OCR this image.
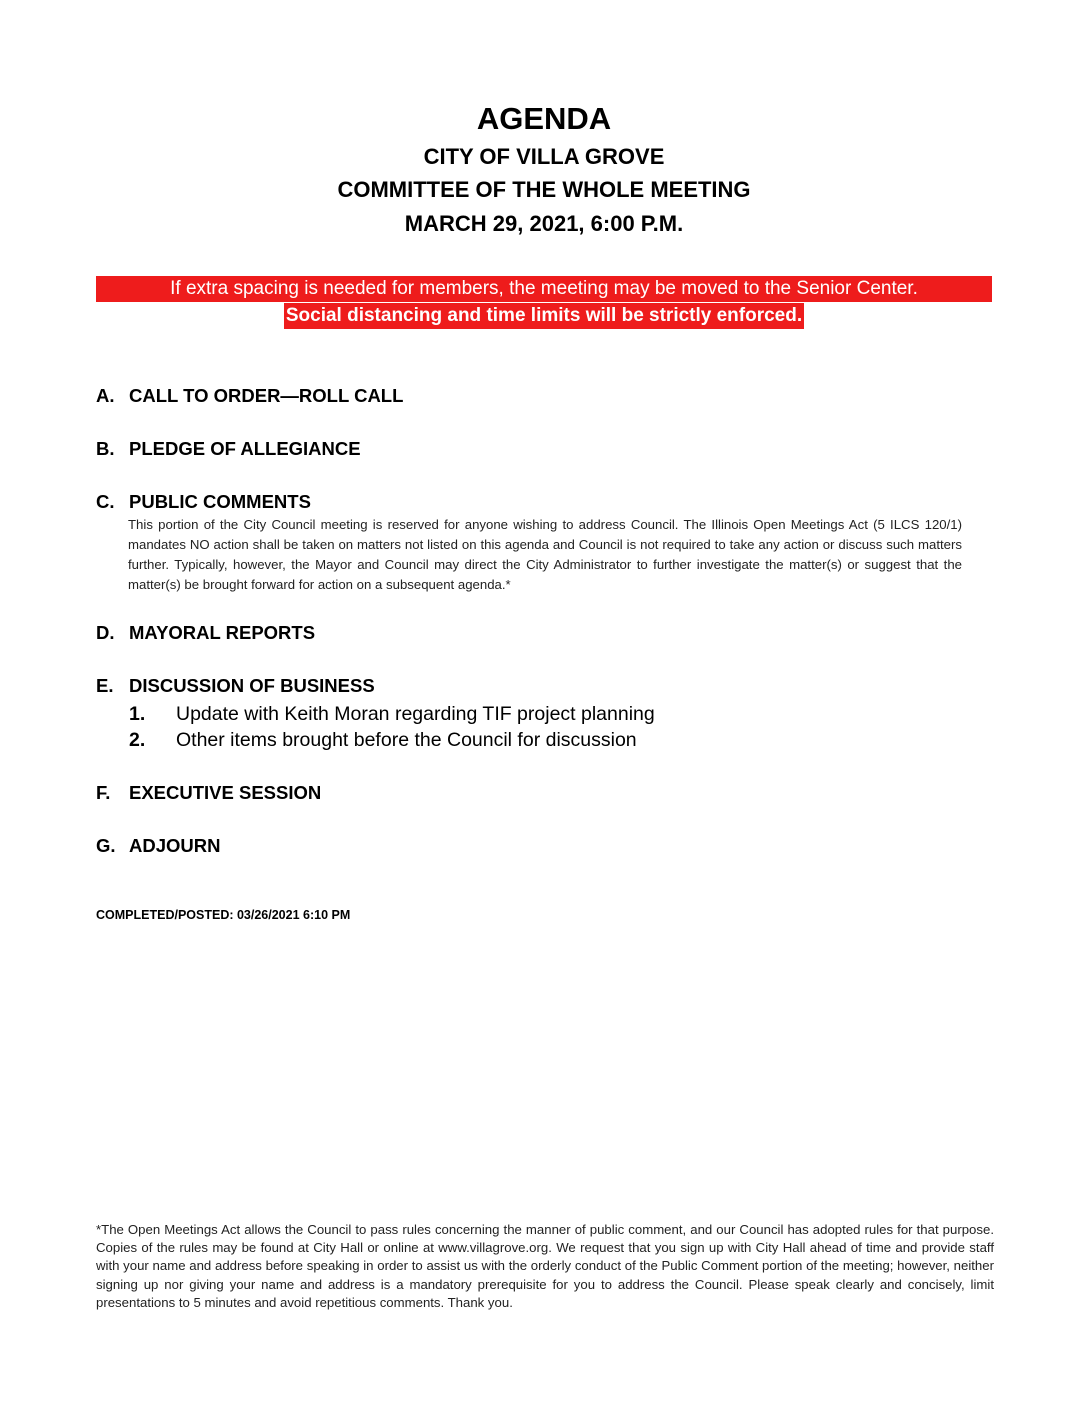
AGENDA
CITY OF VILLA GROVE
COMMITTEE OF THE WHOLE MEETING
MARCH 29, 2021, 6:00 P.M.
If extra spacing is needed for members, the meeting may be moved to the Senior Center.
Social distancing and time limits will be strictly enforced.
A. CALL TO ORDER—ROLL CALL
B. PLEDGE OF ALLEGIANCE
C. PUBLIC COMMENTS
This portion of the City Council meeting is reserved for anyone wishing to address Council. The Illinois Open Meetings Act (5 ILCS 120/1) mandates NO action shall be taken on matters not listed on this agenda and Council is not required to take any action or discuss such matters further. Typically, however, the Mayor and Council may direct the City Administrator to further investigate the matter(s) or suggest that the matter(s) be brought forward for action on a subsequent agenda.*
D. MAYORAL REPORTS
E. DISCUSSION OF BUSINESS
1. Update with Keith Moran regarding TIF project planning
2. Other items brought before the Council for discussion
F. EXECUTIVE SESSION
G. ADJOURN
COMPLETED/POSTED: 03/26/2021 6:10 PM
*The Open Meetings Act allows the Council to pass rules concerning the manner of public comment, and our Council has adopted rules for that purpose. Copies of the rules may be found at City Hall or online at www.villagrove.org. We request that you sign up with City Hall ahead of time and provide staff with your name and address before speaking in order to assist us with the orderly conduct of the Public Comment portion of the meeting; however, neither signing up nor giving your name and address is a mandatory prerequisite for you to address the Council. Please speak clearly and concisely, limit presentations to 5 minutes and avoid repetitious comments. Thank you.
